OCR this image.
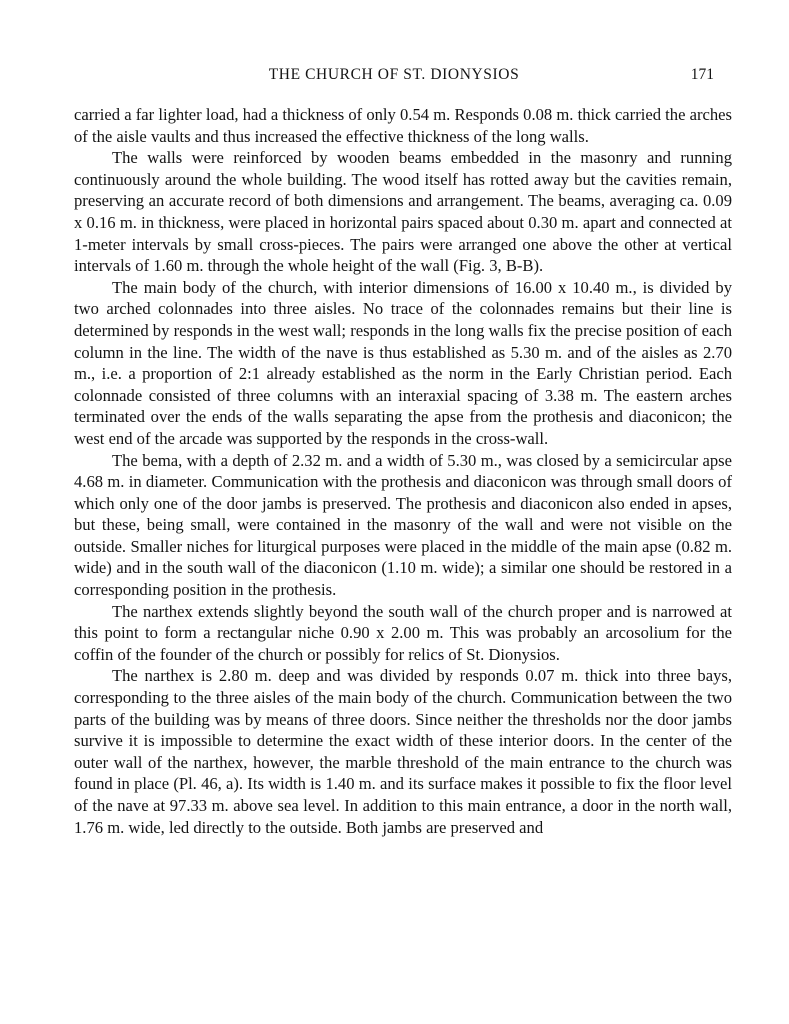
THE CHURCH OF ST. DIONYSIOS	171

carried a far lighter load, had a thickness of only 0.54 m. Responds 0.08 m. thick carried the arches of the aisle vaults and thus increased the effective thickness of the long walls.

The walls were reinforced by wooden beams embedded in the masonry and running continuously around the whole building. The wood itself has rotted away but the cavities remain, preserving an accurate record of both dimensions and arrangement. The beams, averaging ca. 0.09 x 0.16 m. in thickness, were placed in horizontal pairs spaced about 0.30 m. apart and connected at 1-meter intervals by small cross-pieces. The pairs were arranged one above the other at vertical intervals of 1.60 m. through the whole height of the wall (Fig. 3, B-B).

The main body of the church, with interior dimensions of 16.00 x 10.40 m., is divided by two arched colonnades into three aisles. No trace of the colonnades remains but their line is determined by responds in the west wall; responds in the long walls fix the precise position of each column in the line. The width of the nave is thus established as 5.30 m. and of the aisles as 2.70 m., i.e. a proportion of 2:1 already established as the norm in the Early Christian period. Each colonnade consisted of three columns with an interaxial spacing of 3.38 m. The eastern arches terminated over the ends of the walls separating the apse from the prothesis and diaconicon; the west end of the arcade was supported by the responds in the cross-wall.

The bema, with a depth of 2.32 m. and a width of 5.30 m., was closed by a semicircular apse 4.68 m. in diameter. Communication with the prothesis and diaconicon was through small doors of which only one of the door jambs is preserved. The prothesis and diaconicon also ended in apses, but these, being small, were contained in the masonry of the wall and were not visible on the outside. Smaller niches for liturgical purposes were placed in the middle of the main apse (0.82 m. wide) and in the south wall of the diaconicon (1.10 m. wide); a similar one should be restored in a corresponding position in the prothesis.

The narthex extends slightly beyond the south wall of the church proper and is narrowed at this point to form a rectangular niche 0.90 x 2.00 m. This was probably an arcosolium for the coffin of the founder of the church or possibly for relics of St. Dionysios.

The narthex is 2.80 m. deep and was divided by responds 0.07 m. thick into three bays, corresponding to the three aisles of the main body of the church. Communication between the two parts of the building was by means of three doors. Since neither the thresholds nor the door jambs survive it is impossible to determine the exact width of these interior doors. In the center of the outer wall of the narthex, however, the marble threshold of the main entrance to the church was found in place (Pl. 46, a). Its width is 1.40 m. and its surface makes it possible to fix the floor level of the nave at 97.33 m. above sea level. In addition to this main entrance, a door in the north wall, 1.76 m. wide, led directly to the outside. Both jambs are preserved and
